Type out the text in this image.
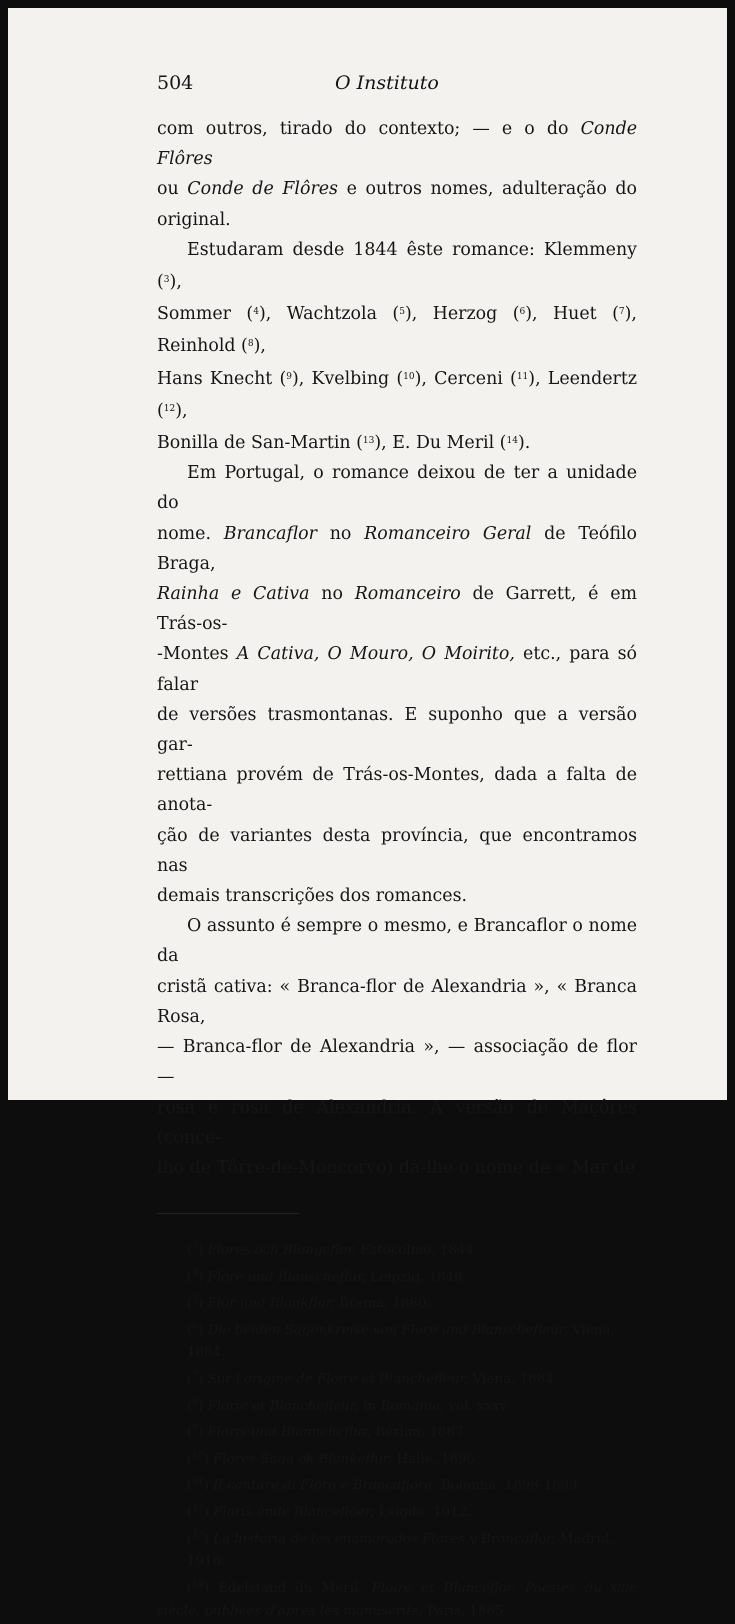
504	O Instituto

com outros, tirado do contexto; — e o do Conde Flôres
ou Conde de Flôres e outros nomes, adulteração do original.

Estudaram desde 1844 êste romance: Klemmeny ($^3$),
Sommer ($^4$), Wachtzola ($^5$), Herzog ($^6$), Huet ($^7$), Reinhold ($^8$),
Hans Knecht ($^9$), Kvelbing ($^{10}$), Cerceni ($^{11}$), Leendertz ($^{12}$),
Bonilla de San-Martin ($^{13}$), E. Du Meril ($^{14}$).

Em Portugal, o romance deixou de ter a unidade do
nome. Brancaflor no Romanceiro Geral de Teófilo Braga,
Rainha e Cativa no Romanceiro de Garrett, é em Trás-os-
-Montes A Cativa, O Mouro, O Moirito, etc., para só falar
de versões trasmontanas. E suponho que a versão gar-
rettiana provém de Trás-os-Montes, dada a falta de anota-
ção de variantes desta província, que encontramos nas
demais transcrições dos romances.

O assunto é sempre o mesmo, e Brancaflor o nome da
cristã cativa: « Branca-flor de Alexandria », « Branca Rosa,
— Branca-flor de Alexandria », — associação de flor —
rosa e rosa de Alexandria. A versão de Maçôres (conce-
lho de Tôrre-de-Moncorvo) dá-lhe o nome de « Mar de

($^3$) Flores och Blangeflor, Estocolmo, 1844.

($^4$) Flore und Blanscheflur, Leipzig, 1846.

($^5$) Flor und Blankflor, Brema, 1880.

($^6$) Die beiden Sagenkreise von Flore und Blanschefleur, Viena, 1884.

($^7$) Sur l'origine de Floire et Blanchefleur, Viena, 1884.

($^8$) Florie et Blanchefleur, in Romania, vol. xxxv.

($^9$) Floris und Blanncheflur, Berlim, 1887.

($^{10}$) Flores Saga ok Blankeflur, Halle, 1896.

($^{11}$) Il cantare di Floro e Brancafiore, Bolonha, 1898-1899.

($^{12}$) Floris ende Blancefloer, Leigde, 1912.

($^{13}$) La historia de los enamorados Flores y Brancaflor, Madrid, 1916.

($^{14}$) Edelstand du Meril, Floire et Blanceflor, Poésies du XIIIe siècle, publiées d'après les manuscrits, Paris, 1865.
